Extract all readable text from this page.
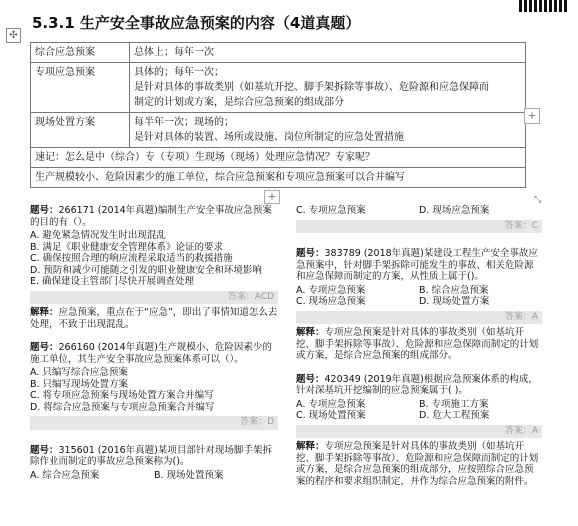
✣
5.3.1 生产安全事故应急预案的内容（4道真题）
综合应急预案	总体上；每年一次

专项应急预案	具体的；每年一次；
是针对具体的事故类别（如基坑开挖、脚手架拆除等事故）、危险源和应急保障而
制定的计划或方案，是综合应急预案的组成部分

现场处置方案	每半年一次；现场的；
是针对具体的装置、场所或设施、岗位所制定的应急处置措施

速记：怎么是中（综合）专（专项）生现场（现场）处理应急情况？专家呢？	
生产规模较小、危险因素少的施工单位，综合应急预案和专项应急预案可以合并编写	
+
+	⤡

题号：266171 (2014年真题)编制生产安全事故应急预案的目的有（）。

A. 避免紧急情况发生时出现混乱

B. 满足《职业健康安全管理体系》论证的要求

C. 确保按照合理的响应流程采取适当的救援措施

D. 预防和减少可能随之引发的职业健康安全和环境影响

E. 确保建设主管部门尽快开展调查处理

答案：ACD

解释：应急预案，重点在于“应急”，即出了事情知道怎么去处理，不致于出现混乱。

题号：266160 (2014年真题)生产规模小、危险因素少的施工单位，其生产安全事故应急预案体系可以（）。

A. 只编写综合应急预案

B. 只编写现场处置方案

C. 将专项应急预案与现场处置方案合并编写

D. 将综合应急预案与专项应急预案合并编写

答案：D

题号：315601 (2016年真题)某项目部针对现场脚手架拆除作业而制定的事故应急预案称为()。

A. 综合应急预案	B. 现场处置预案

C. 专项应急预案	D. 现场应急预案

答案：C

题号：383789 (2018年真题)某建设工程生产安全事故应急预案中，针对脚手架拆除可能发生的事故、相关危险源和应急保障而制定的方案，从性质上属于()。

A. 专项应急预案	B. 综合应急预案

C. 现场应急预案	D. 现场处置方案

答案：A

解释：专项应急预案是针对具体的事故类别（如基坑开挖、脚手架拆除等事故）、危险源和应急保障而制定的计划或方案，是综合应急预案的组成部分。

题号：420349 (2019年真题)根据应急预案体系的构成，针对深基坑开挖编制的应急预案属于( )。

A. 专项应急预案	B. 专项施工方案

C. 现场处置预案	D. 危大工程预案

答案：A

解释：专项应急预案是针对具体的事故类别（如基坑开挖、脚手架拆除等事故）、危险源和应急保障而制定的计划或方案，是综合应急预案的组成部分，应按照综合应急预案的程序和要求组织制定，并作为综合应急预案的附件。
